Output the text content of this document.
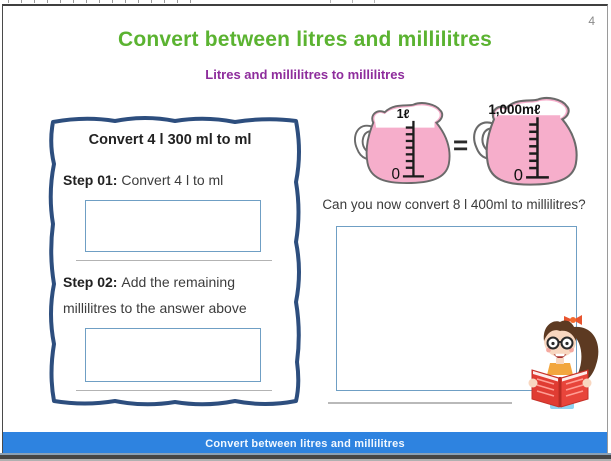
4
Convert between litres and millilitres
Litres and millilitres to millilitres

Convert 4 l 300 ml to ml

Step 01: Convert 4 l to ml

Step 02: Add the remaining

millilitres to the answer above

1ℓ
0
=
1,000mℓ
0

Can you now convert 8 l 400ml to millilitres?

Convert between litres and millilitres
